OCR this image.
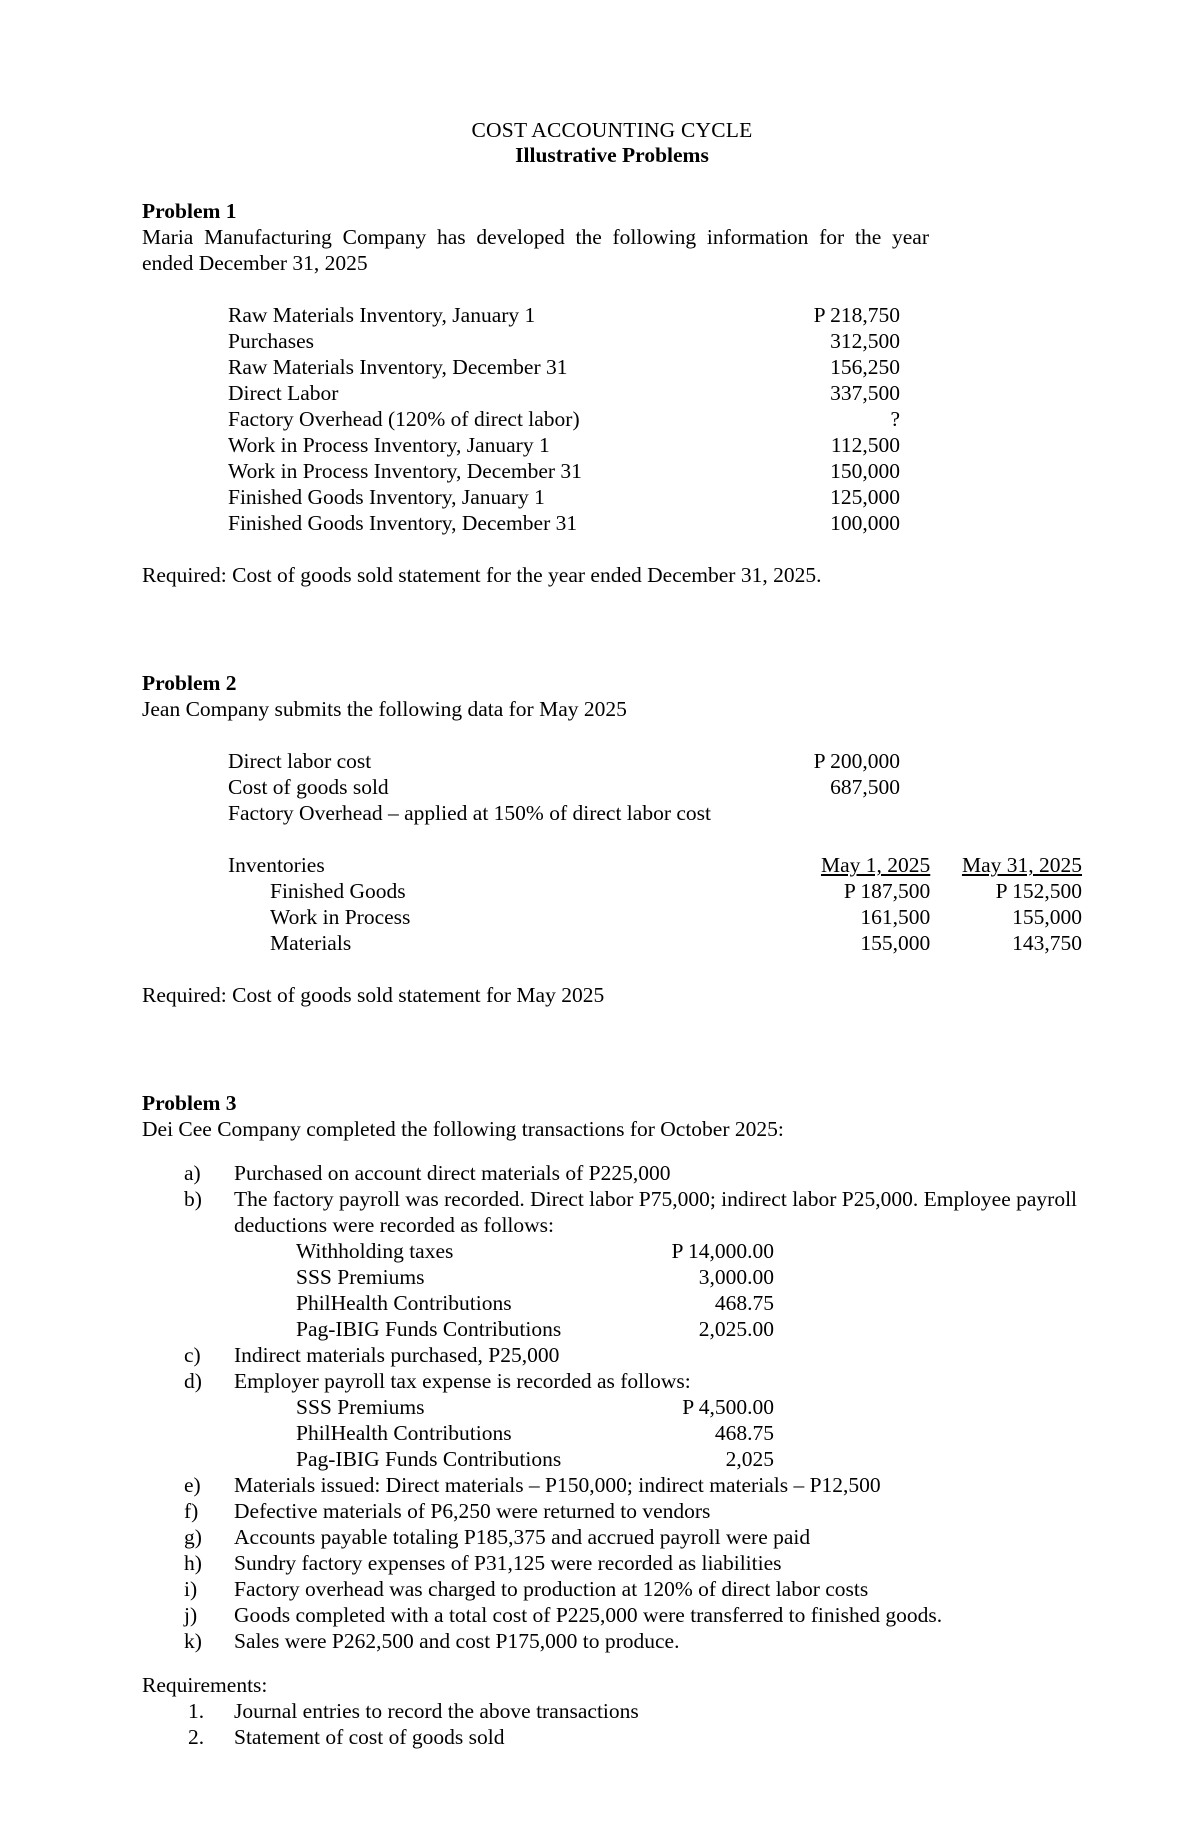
COST ACCOUNTING CYCLE
Illustrative Problems
Problem 1
Maria Manufacturing Company has developed the following information for the year ended December 31, 2025
Raw Materials Inventory, January 1	P 218,750
Purchases	312,500
Raw Materials Inventory, December 31	156,250
Direct Labor	337,500
Factory Overhead (120% of direct labor)	?
Work in Process Inventory, January 1	112,500
Work in Process Inventory, December 31	150,000
Finished Goods Inventory, January 1	125,000
Finished Goods Inventory, December 31	100,000
Required: Cost of goods sold statement for the year ended December 31, 2025.
Problem 2
Jean Company submits the following data for May 2025
Direct labor cost	P 200,000
Cost of goods sold	687,500
Factory Overhead – applied at 150% of direct labor cost	
Inventories	May 1, 2025	May 31, 2025
Finished Goods	P 187,500	P 152,500
Work in Process	161,500	155,000
Materials	155,000	143,750
Required: Cost of goods sold statement for May 2025
Problem 3
Dei Cee Company completed the following transactions for October 2025:
a) Purchased on account direct materials of P225,000
b) The factory payroll was recorded. Direct labor P75,000; indirect labor P25,000. Employee payroll deductions were recorded as follows:
Withholding taxes	P 14,000.00
SSS Premiums	3,000.00
PhilHealth Contributions	468.75
Pag-IBIG Funds Contributions	2,025.00
c) Indirect materials purchased, P25,000
d) Employer payroll tax expense is recorded as follows:
SSS Premiums	P 4,500.00
PhilHealth Contributions	468.75
Pag-IBIG Funds Contributions	2,025
e) Materials issued: Direct materials – P150,000; indirect materials – P12,500
f) Defective materials of P6,250 were returned to vendors
g) Accounts payable totaling P185,375 and accrued payroll were paid
h) Sundry factory expenses of P31,125 were recorded as liabilities
i) Factory overhead was charged to production at 120% of direct labor costs
j) Goods completed with a total cost of P225,000 were transferred to finished goods.
k) Sales were P262,500 and cost P175,000 to produce.
Requirements:
1. Journal entries to record the above transactions
2. Statement of cost of goods sold
